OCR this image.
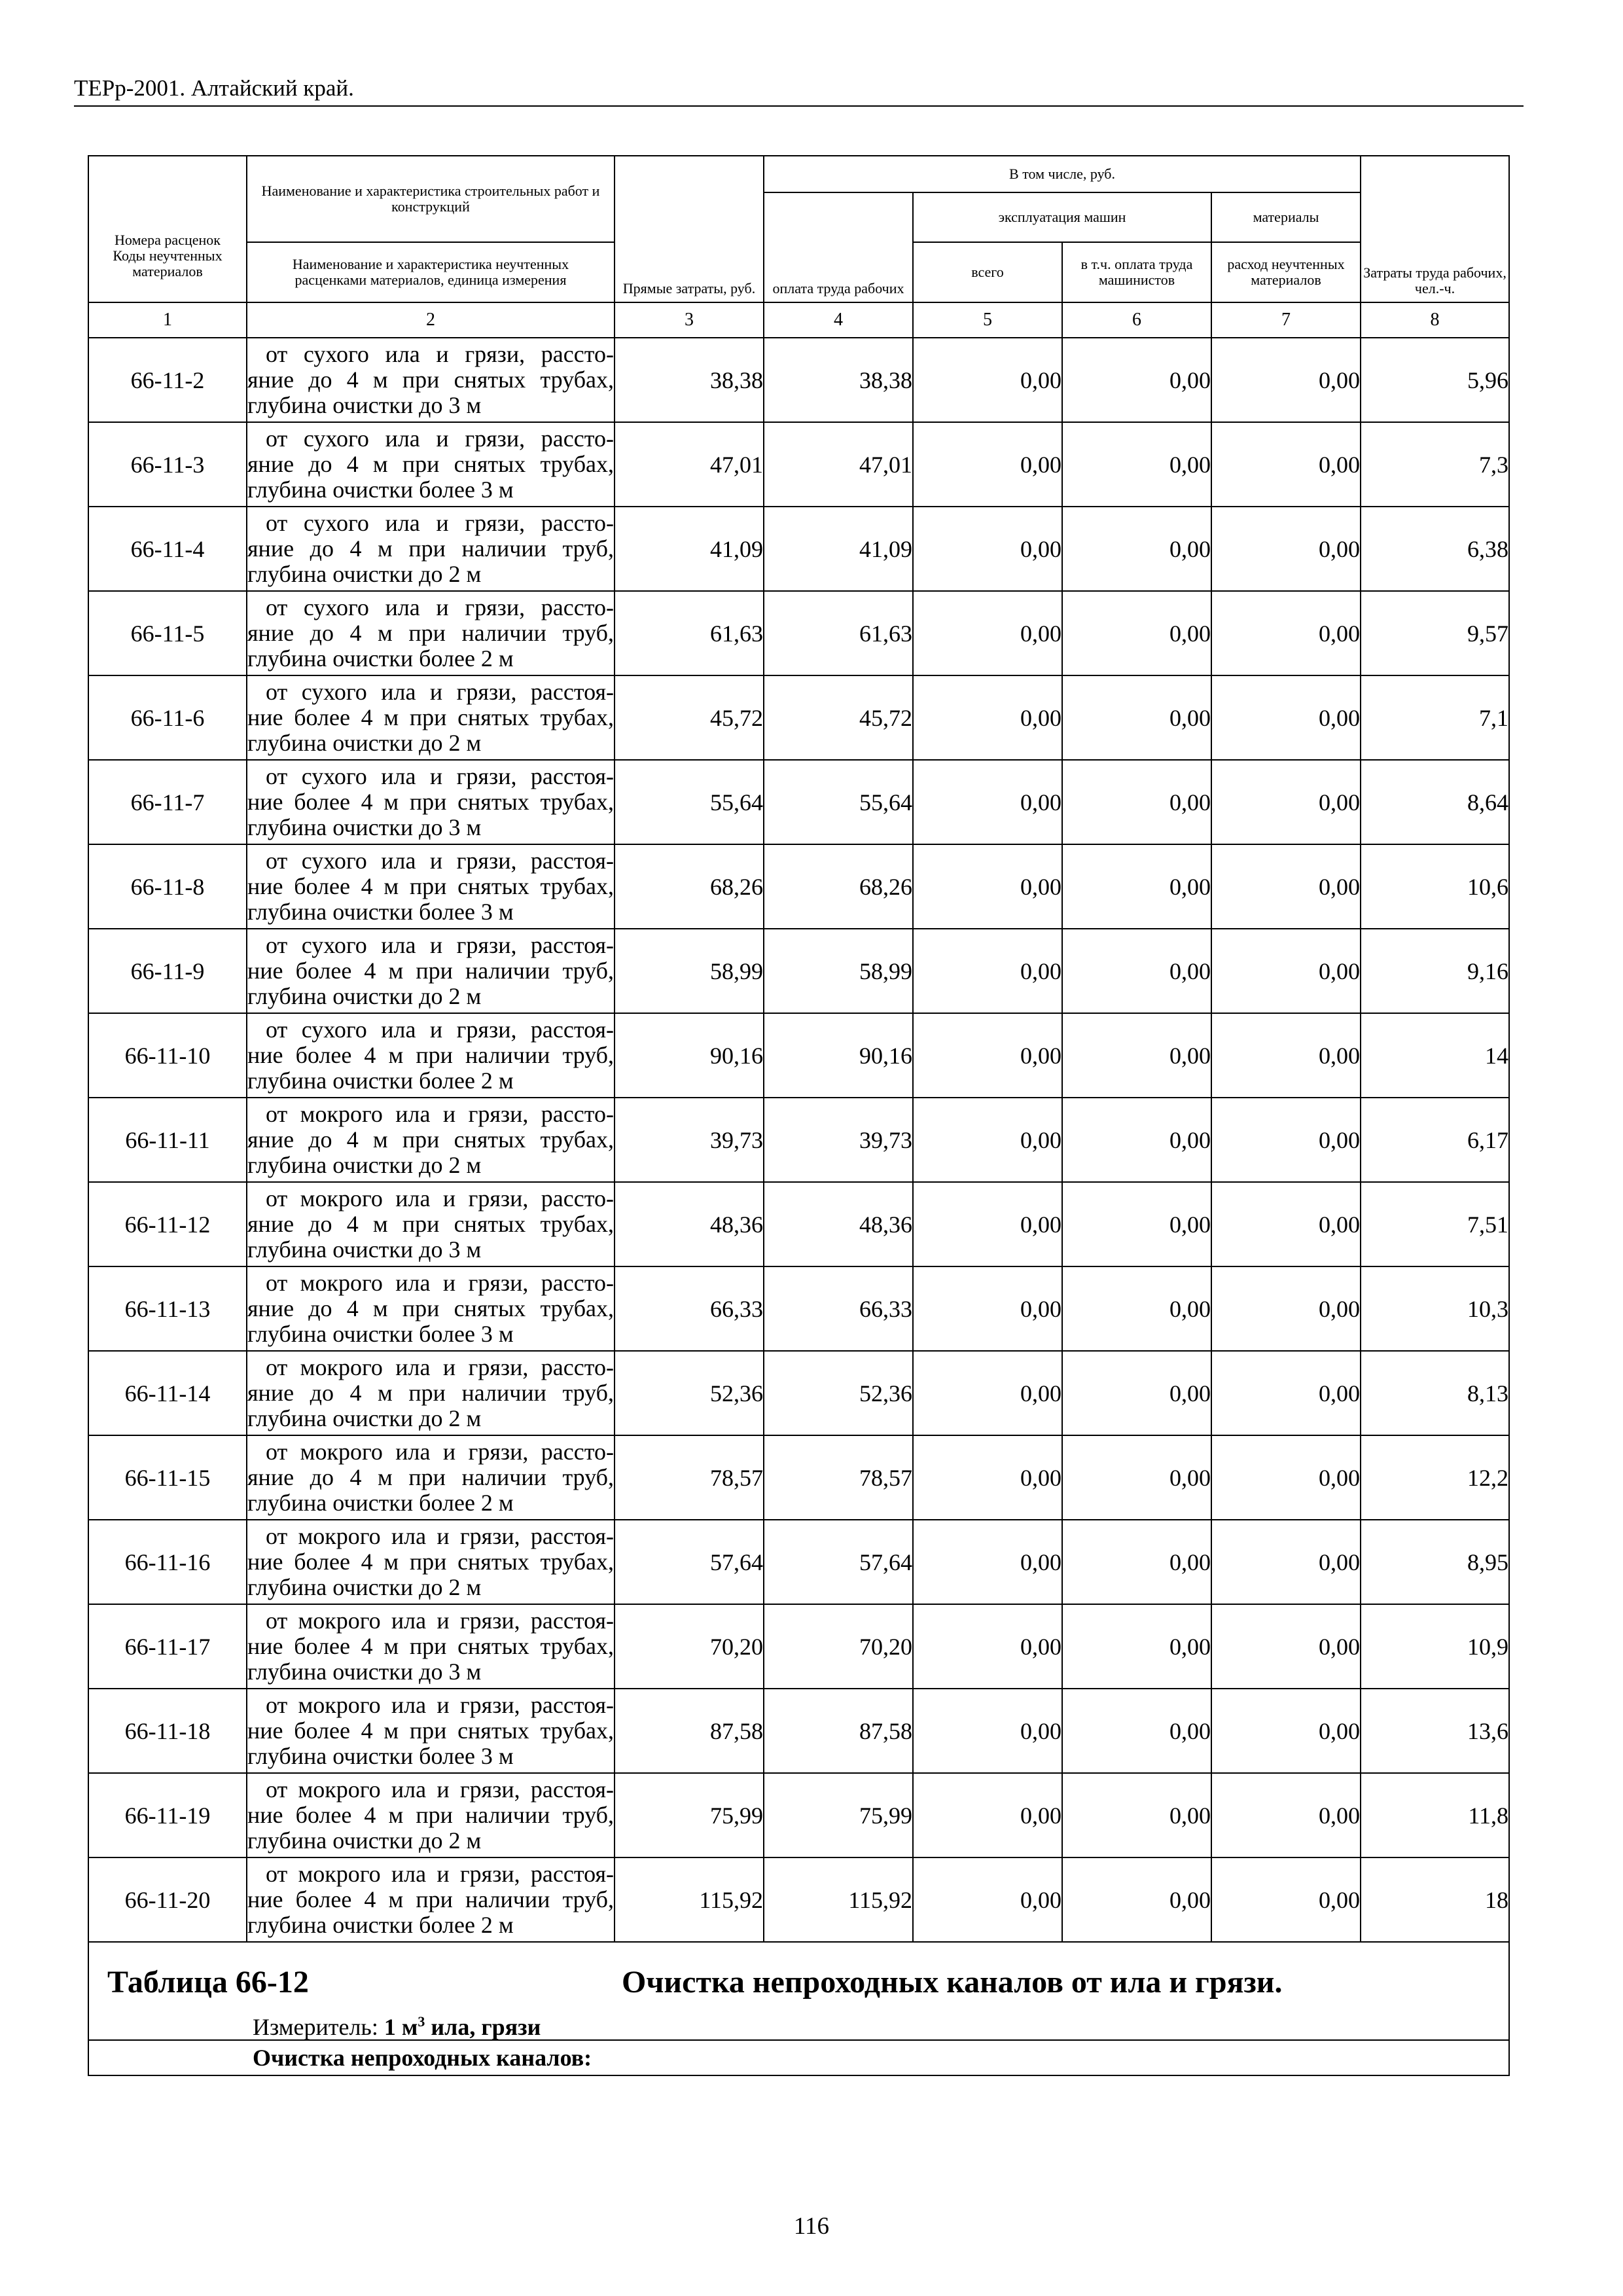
ТЕРр-2001. Алтайский край.
Номера расценок
Коды неучтенных материалов	Наименование и характеристика строительных работ и конструкций	Прямые затраты, руб.	В том числе, руб.				Затраты труда рабочих, чел.-ч.
			оплата труда рабочих	эксплуатация машин		материалы	
	Наименование и характеристика неучтенных расценками материалов, единица измерения			всего	в т.ч. оплата труда машинистов	расход неучтенных материалов	
1	2	3	4	5	6	7	8
66-11-2	от сухого ила и грязи, рассто-
яние до 4 м при снятых трубах,
глубина очистки до 3 м	38,38	38,38	0,00	0,00	0,00	5,96
66-11-3	от сухого ила и грязи, рассто-
яние до 4 м при снятых трубах,
глубина очистки более 3 м	47,01	47,01	0,00	0,00	0,00	7,3
66-11-4	от сухого ила и грязи, рассто-
яние до 4 м при наличии труб,
глубина очистки до 2 м	41,09	41,09	0,00	0,00	0,00	6,38
66-11-5	от сухого ила и грязи, рассто-
яние до 4 м при наличии труб,
глубина очистки более 2 м	61,63	61,63	0,00	0,00	0,00	9,57
66-11-6	от сухого ила и грязи, расстоя-
ние более 4 м при снятых трубах,
глубина очистки до 2 м	45,72	45,72	0,00	0,00	0,00	7,1
66-11-7	от сухого ила и грязи, расстоя-
ние более 4 м при снятых трубах,
глубина очистки до 3 м	55,64	55,64	0,00	0,00	0,00	8,64
66-11-8	от сухого ила и грязи, расстоя-
ние более 4 м при снятых трубах,
глубина очистки более 3 м	68,26	68,26	0,00	0,00	0,00	10,6
66-11-9	от сухого ила и грязи, расстоя-
ние более 4 м при наличии труб,
глубина очистки до 2 м	58,99	58,99	0,00	0,00	0,00	9,16
66-11-10	от сухого ила и грязи, расстоя-
ние более 4 м при наличии труб,
глубина очистки более 2 м	90,16	90,16	0,00	0,00	0,00	14
66-11-11	от мокрого ила и грязи, рассто-
яние до 4 м при снятых трубах,
глубина очистки до 2 м	39,73	39,73	0,00	0,00	0,00	6,17
66-11-12	от мокрого ила и грязи, рассто-
яние до 4 м при снятых трубах,
глубина очистки до 3 м	48,36	48,36	0,00	0,00	0,00	7,51
66-11-13	от мокрого ила и грязи, рассто-
яние до 4 м при снятых трубах,
глубина очистки более 3 м	66,33	66,33	0,00	0,00	0,00	10,3
66-11-14	от мокрого ила и грязи, рассто-
яние до 4 м при наличии труб,
глубина очистки до 2 м	52,36	52,36	0,00	0,00	0,00	8,13
66-11-15	от мокрого ила и грязи, рассто-
яние до 4 м при наличии труб,
глубина очистки более 2 м	78,57	78,57	0,00	0,00	0,00	12,2
66-11-16	от мокрого ила и грязи, расстоя-
ние более 4 м при снятых трубах,
глубина очистки до 2 м	57,64	57,64	0,00	0,00	0,00	8,95
66-11-17	от мокрого ила и грязи, расстоя-
ние более 4 м при снятых трубах,
глубина очистки до 3 м	70,20	70,20	0,00	0,00	0,00	10,9
66-11-18	от мокрого ила и грязи, расстоя-
ние более 4 м при снятых трубах,
глубина очистки более 3 м	87,58	87,58	0,00	0,00	0,00	13,6
66-11-19	от мокрого ила и грязи, расстоя-
ние более 4 м при наличии труб,
глубина очистки до 2 м	75,99	75,99	0,00	0,00	0,00	11,8
66-11-20	от мокрого ила и грязи, расстоя-
ние более 4 м при наличии труб,
глубина очистки более 2 м	115,92	115,92	0,00	0,00	0,00	18

Таблица 66-12 Очистка непроходных каналов от ила и грязи.
Измеритель: 1 $м^3$ ила, грязи							

Очистка непроходных каналов:							
116
